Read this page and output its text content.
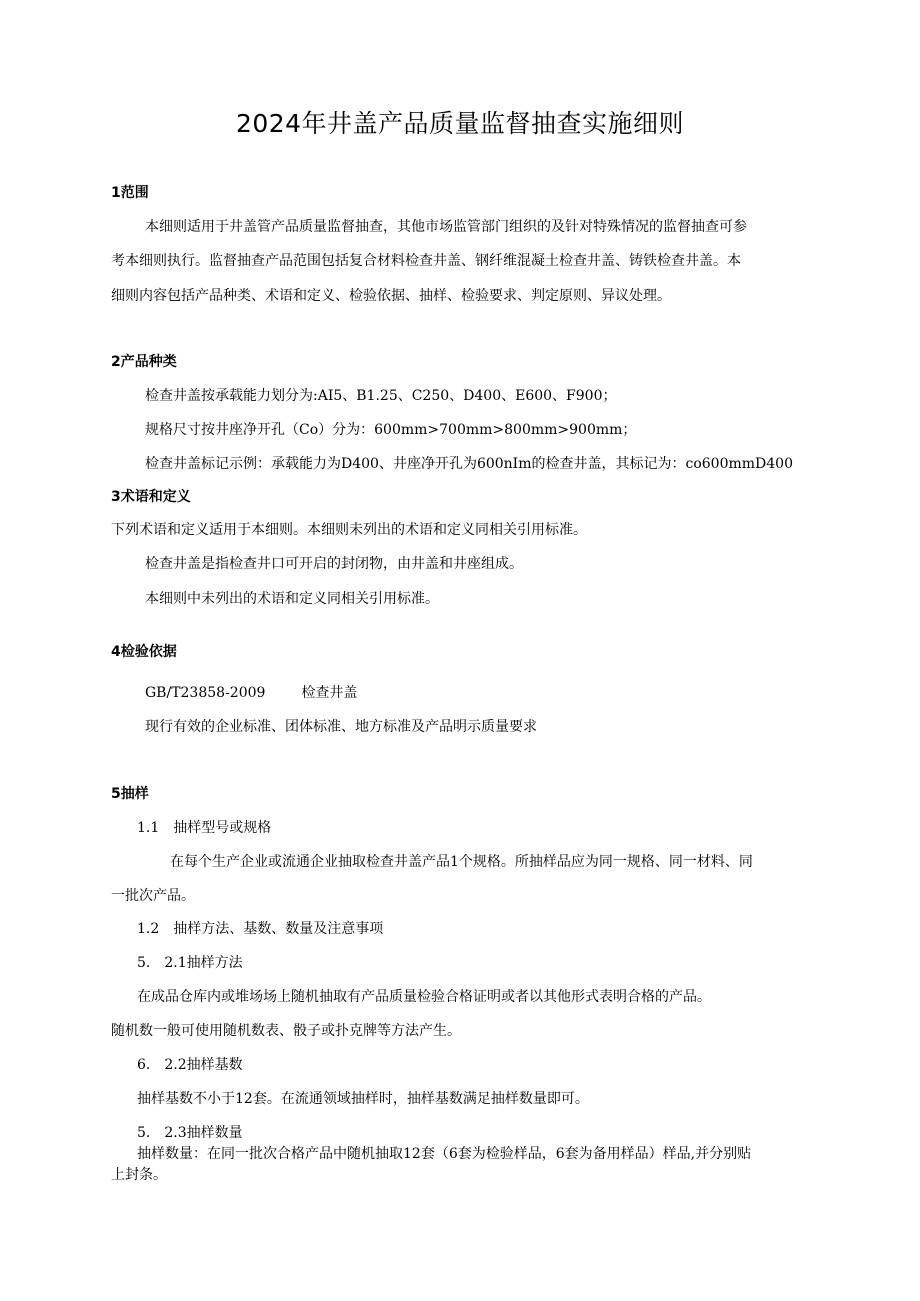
2024年井盖产品质量监督抽查实施细则
1范围
本细则适用于井盖管产品质量监督抽查，其他市场监管部门组织的及针对特殊情况的监督抽查可参
考本细则执行。监督抽查产品范围包括复合材料检查井盖、钢纤维混凝土检查井盖、铸铁检查井盖。本
细则内容包括产品种类、术语和定义、检验依据、抽样、检验要求、判定原则、异议处理。
2产品种类
检查井盖按承载能力划分为:AI5、B1.25、C250、D400、E600、F900；
规格尺寸按井座净开孔（Co）分为：600mm>700mm>800mm>900mm；
检查井盖标记示例：承载能力为D400、井座净开孔为600nIm的检查井盖，其标记为：co600mmD400
3术语和定义
下列术语和定义适用于本细则。本细则未列出的术语和定义同相关引用标准。
检查井盖是指检查井口可开启的封闭物，由井盖和井座组成。
本细则中未列出的术语和定义同相关引用标准。
4检验依据
GB/T23858-2009	检查井盖
现行有效的企业标准、团体标准、地方标准及产品明示质量要求
5抽样
1.1 抽样型号或规格
在每个生产企业或流通企业抽取检查井盖产品1个规格。所抽样品应为同一规格、同一材料、同
一批次产品。
1.2 抽样方法、基数、数量及注意事项
5. 2.1抽样方法
在成品仓库内或堆场场上随机抽取有产品质量检验合格证明或者以其他形式表明合格的产品。
随机数一般可使用随机数表、骰子或扑克牌等方法产生。
6. 2.2抽样基数
抽样基数不小于12套。在流通领域抽样时，抽样基数满足抽样数量即可。
5. 2.3抽样数量
抽样数量：在同一批次合格产品中随机抽取12套（6套为检验样品，6套为备用样品）样品,并分别贴
上封条。
